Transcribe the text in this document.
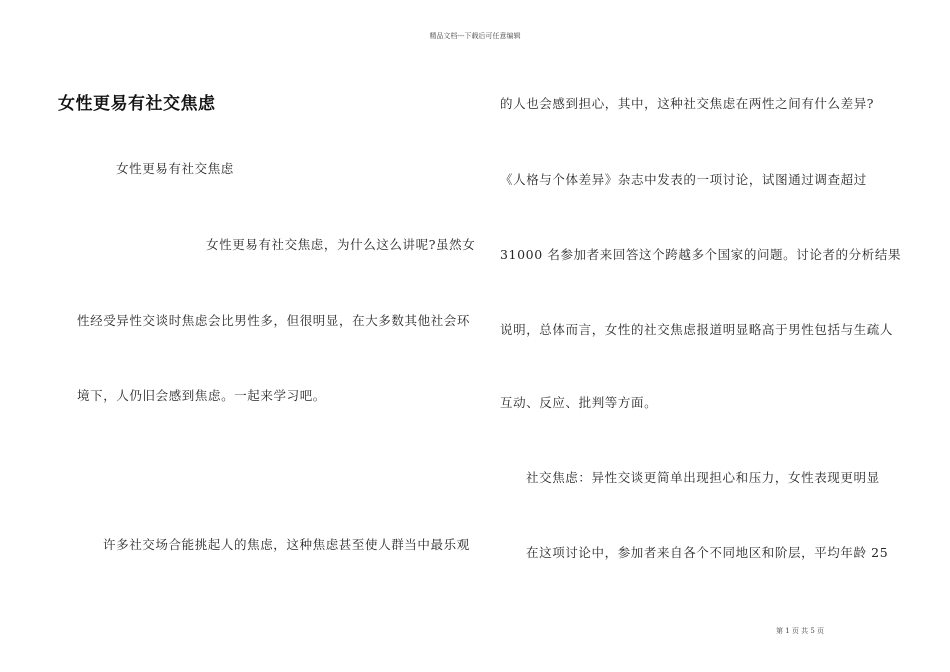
精品文档---下载后可任意编辑
女性更易有社交焦虑
女性更易有社交焦虑
女性更易有社交焦虑，为什么这么讲呢?虽然女
性经受异性交谈时焦虑会比男性多，但很明显，在大多数其他社会环
境下，人仍旧会感到焦虑。一起来学习吧。
许多社交场合能挑起人的焦虑，这种焦虑甚至使人群当中最乐观
的人也会感到担心，其中，这种社交焦虑在两性之间有什么差异?
《人格与个体差异》杂志中发表的一项讨论，试图通过调查超过
31000 名参加者来回答这个跨越多个国家的问题。讨论者的分析结果
说明，总体而言，女性的社交焦虑报道明显略高于男性包括与生疏人
互动、反应、批判等方面。
社交焦虑：异性交谈更简单出现担心和压力，女性表现更明显
在这项讨论中，参加者来自各个不同地区和阶层，平均年龄 25
第 1 页 共 5 页
